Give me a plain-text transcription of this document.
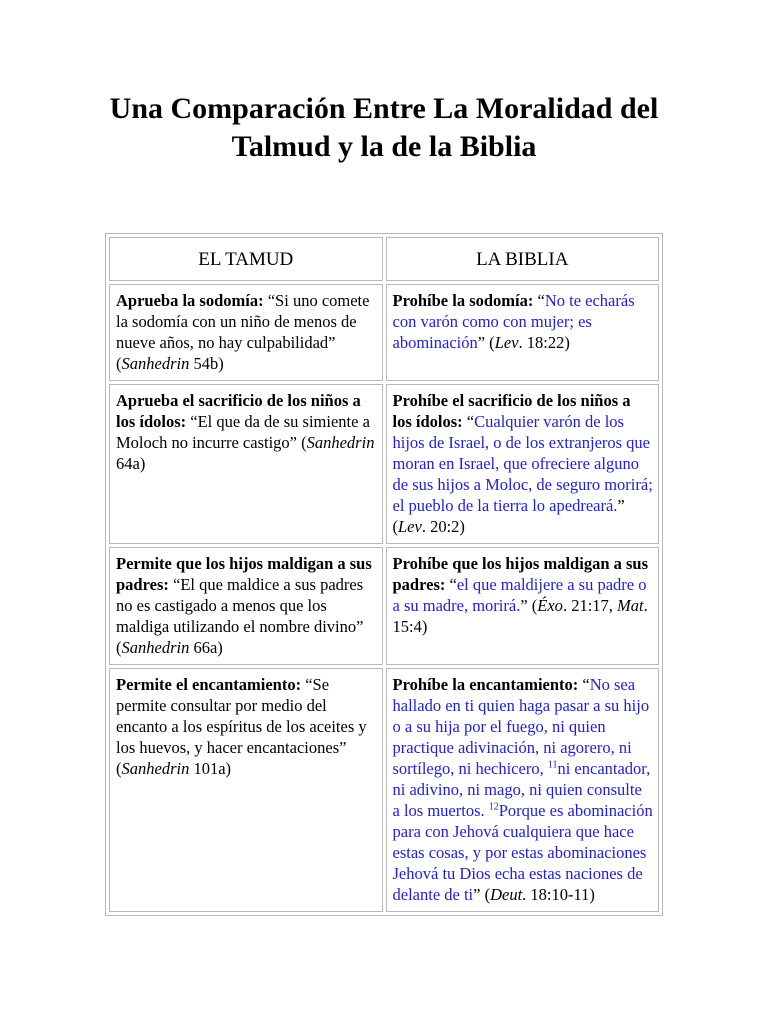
Una Comparación Entre La Moralidad del
Talmud y la de la Biblia
EL TAMUD	LA BIBLIA
Aprueba la sodomía: “Si uno comete la sodomía con un niño de menos de nueve años, no hay culpabilidad” (Sanhedrin 54b)	Prohíbe la sodomía: “No te echarás con varón como con mujer; es abominación” (Lev. 18:22)
Aprueba el sacrificio de los niños a los ídolos: “El que da de su simiente a Moloch no incurre castigo” (Sanhedrin 64a)	Prohíbe el sacrificio de los niños a los ídolos: “Cualquier varón de los hijos de Israel, o de los extranjeros que moran en Israel, que ofreciere alguno de sus hijos a Moloc, de seguro morirá; el pueblo de la tierra lo apedreará.” (Lev. 20:2)
Permite que los hijos maldigan a sus padres: “El que maldice a sus padres no es castigado a menos que los maldiga utilizando el nombre divino” (Sanhedrin 66a)	Prohíbe que los hijos maldigan a sus padres: “el que maldijere a su padre o a su madre, morirá.” (Éxo. 21:17, Mat. 15:4)
Permite el encantamiento: “Se permite consultar por medio del encanto a los espíritus de los aceites y los huevos, y hacer encantaciones” (Sanhedrin 101a)	Prohíbe la encantamiento: “No sea hallado en ti quien haga pasar a su hijo o a su hija por el fuego, ni quien practique adivinación, ni agorero, ni sortílego, ni hechicero, $^{11}$ni encantador, ni adivino, ni mago, ni quien consulte a los muertos. $^{12}$Porque es abominación para con Jehová cualquiera que hace estas cosas, y por estas abominaciones Jehová tu Dios echa estas naciones de delante de ti” (Deut. 18:10-11)
